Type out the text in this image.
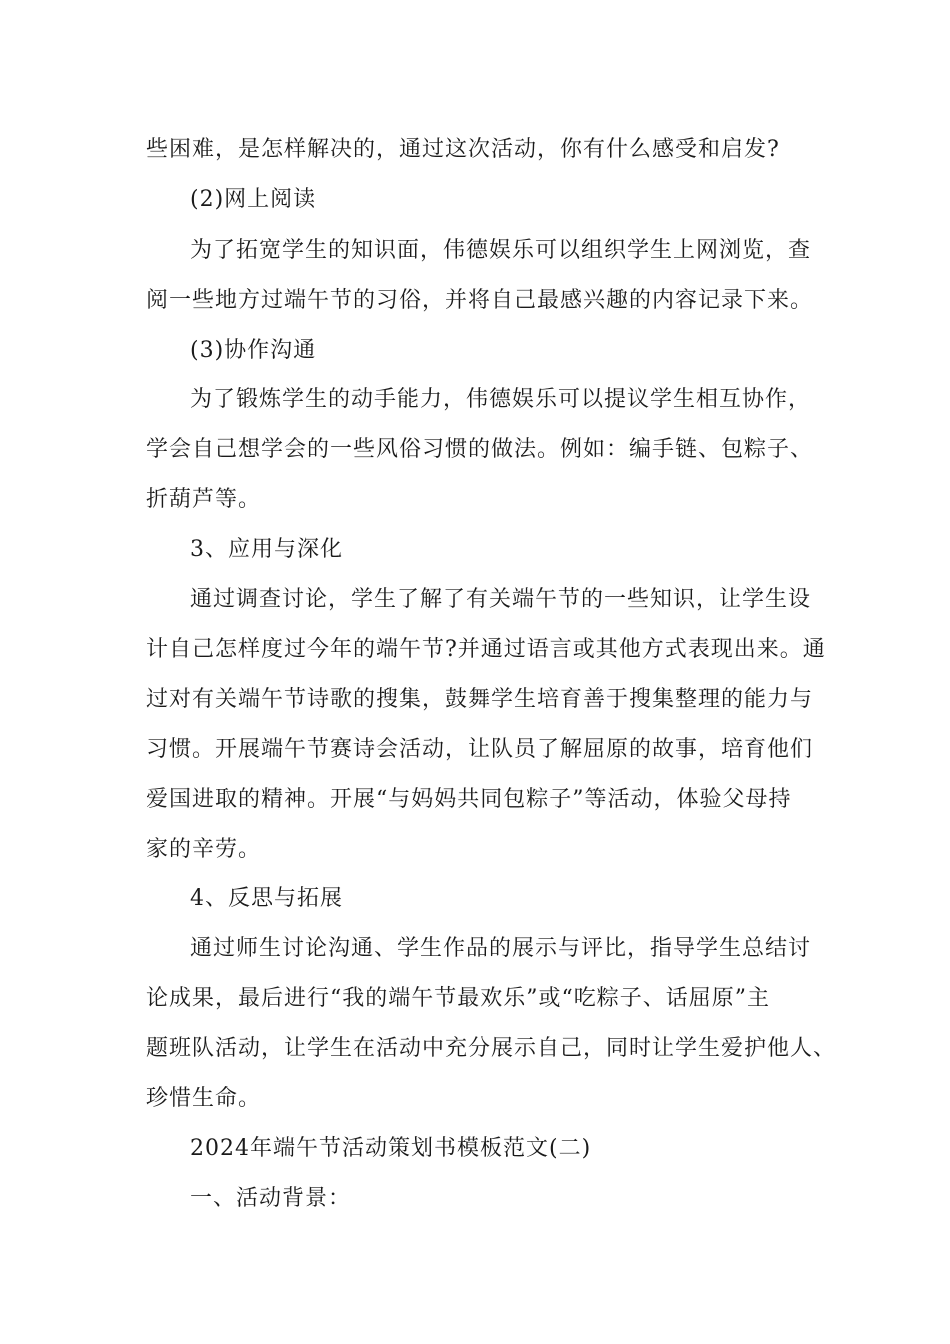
些困难，是怎样解决的，通过这次活动，你有什么感受和启发?
(2)网上阅读
为了拓宽学生的知识面，伟德娱乐可以组织学生上网浏览，查
阅一些地方过端午节的习俗，并将自己最感兴趣的内容记录下来。
(3)协作沟通
为了锻炼学生的动手能力，伟德娱乐可以提议学生相互协作，
学会自己想学会的一些风俗习惯的做法。例如：编手链、包粽子、
折葫芦等。
3、应用与深化
通过调查讨论，学生了解了有关端午节的一些知识，让学生设
计自己怎样度过今年的端午节?并通过语言或其他方式表现出来。通
过对有关端午节诗歌的搜集，鼓舞学生培育善于搜集整理的能力与
习惯。开展端午节赛诗会活动，让队员了解屈原的故事，培育他们
爱国进取的精神。开展“与妈妈共同包粽子”等活动，体验父母持
家的辛劳。
4、反思与拓展
通过师生讨论沟通、学生作品的展示与评比，指导学生总结讨
论成果，最后进行“我的端午节最欢乐”或“吃粽子、话屈原”主
题班队活动，让学生在活动中充分展示自己，同时让学生爱护他人、
珍惜生命。
2024年端午节活动策划书模板范文(二)
一、活动背景：
